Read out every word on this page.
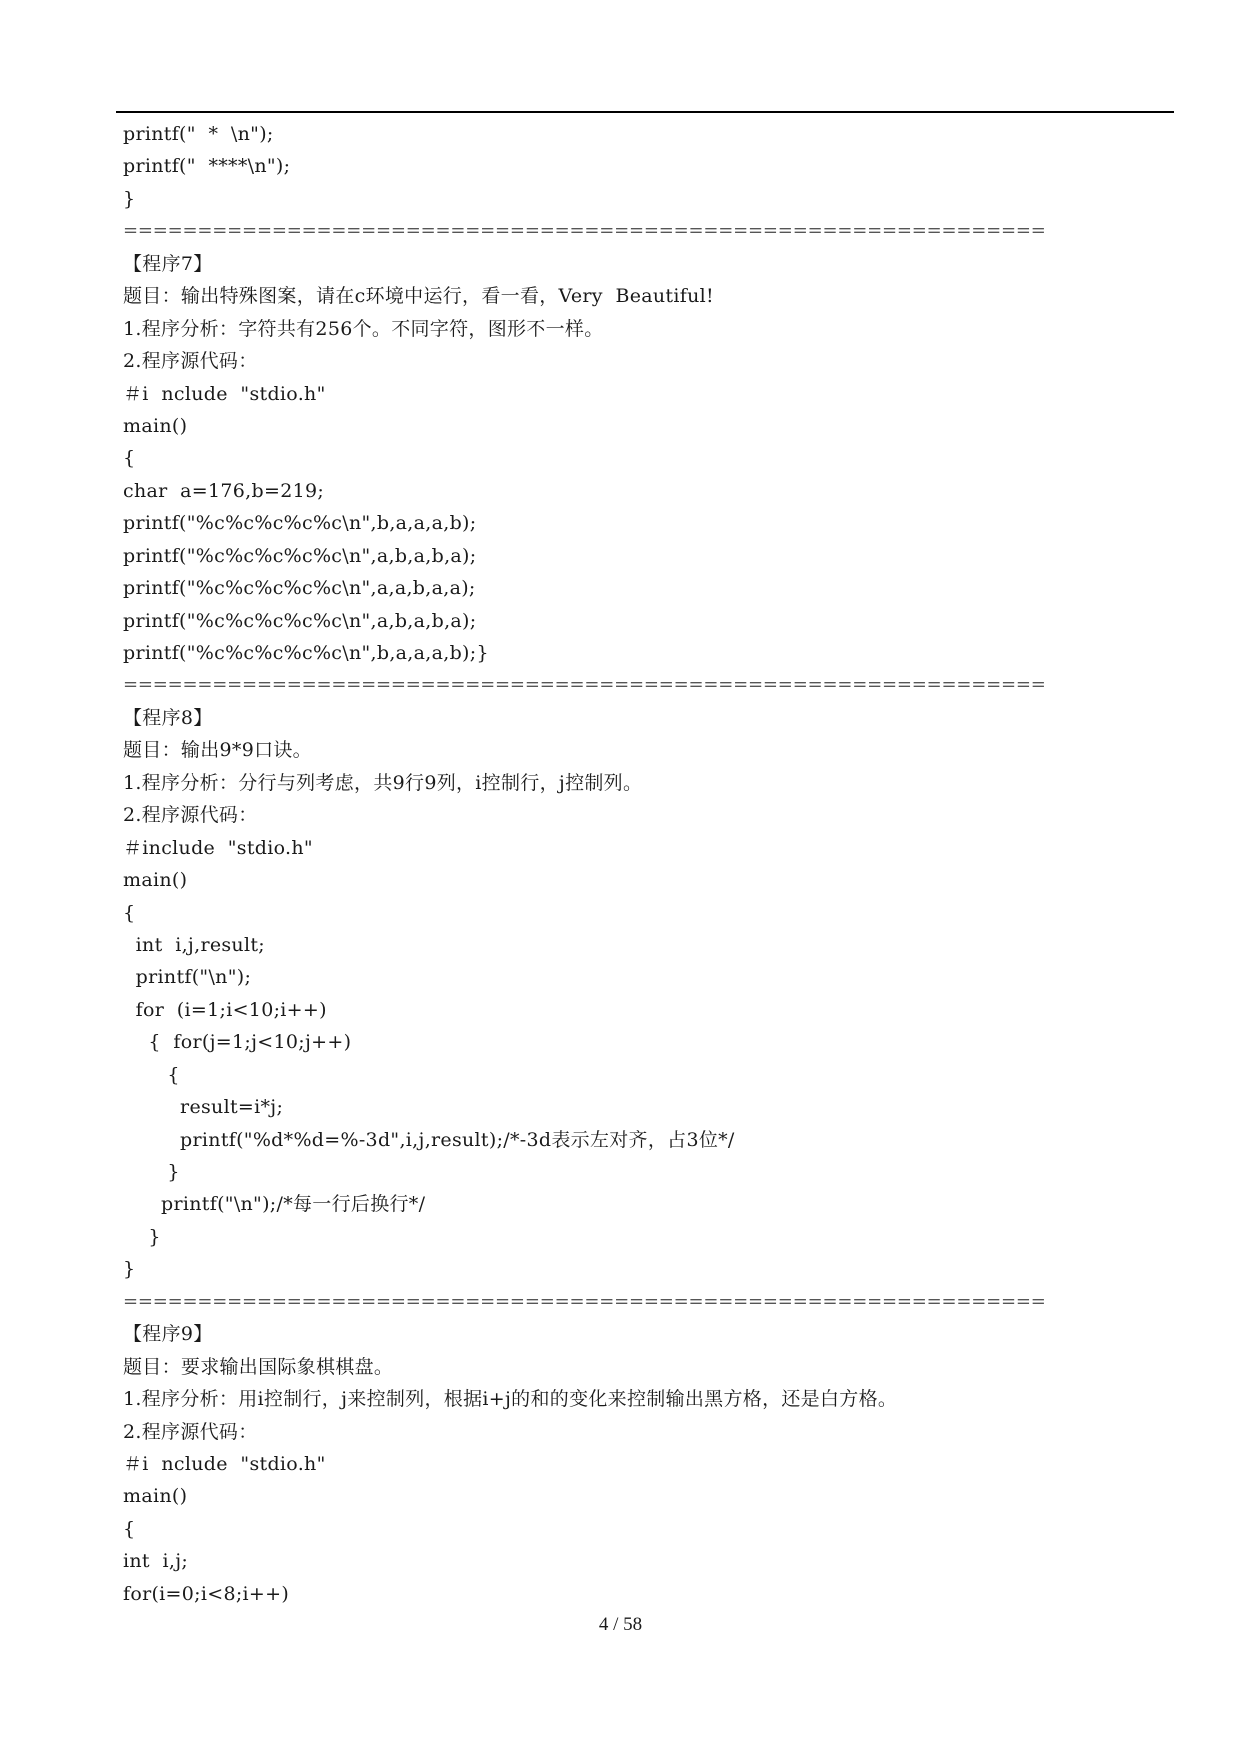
printf("  *  \n");
printf("  ****\n");
}
==============================================================
【程序7】
题目：输出特殊图案，请在c环境中运行，看一看，Very  Beautiful!
1.程序分析：字符共有256个。不同字符，图形不一样。
2.程序源代码：
＃i  nclude  "stdio.h"
main()
{
char  a=176,b=219;
printf("%c%c%c%c%c\n",b,a,a,a,b);
printf("%c%c%c%c%c\n",a,b,a,b,a);
printf("%c%c%c%c%c\n",a,a,b,a,a);
printf("%c%c%c%c%c\n",a,b,a,b,a);
printf("%c%c%c%c%c\n",b,a,a,a,b);}
==============================================================
【程序8】
题目：输出9*9口诀。
1.程序分析：分行与列考虑，共9行9列，i控制行，j控制列。
2.程序源代码：
＃include  "stdio.h"
main()
{
int  i,j,result;
printf("\n");
for  (i=1;i<10;i++)
{  for(j=1;j<10;j++)
{
result=i*j;
printf("%d*%d=%-3d",i,j,result);/*-3d表示左对齐，占3位*/
}
printf("\n");/*每一行后换行*/
}
}
==============================================================
【程序9】
题目：要求输出国际象棋棋盘。
1.程序分析：用i控制行，j来控制列，根据i+j的和的变化来控制输出黑方格，还是白方格。
2.程序源代码：
＃i  nclude  "stdio.h"
main()
{
int  i,j;
for(i=0;i<8;i++)
4 / 58
